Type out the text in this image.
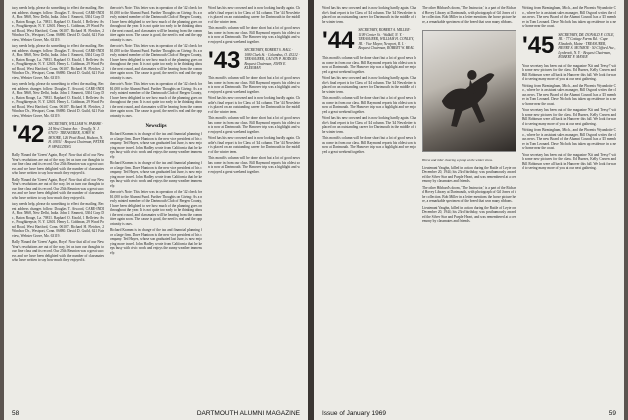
tacy needs help, please do something to effect the mailing. Recent address changes follow: Douglas T. Atwood, CARE-INDIA, Box 5868, New Delhi, India. John J. Emmett, 3304 Corp Dr., Baton Rouge, La. 70811. Raphael O. Eisold, 1 Bellview Ave., Poughkeepsie, N. Y. 12601. Henry L. Goldman, 29 Wood Pond Road, West Hartford, Conn. 06107. Richard H. Fletcher, 2 Windsor Dr., Westport, Conn. 06880. David D. Guild, 621 Fairview, Webster Grove, Mo. 63119.

tacy needs help, please do something to effect the mailing. Recent address changes follow: Douglas T. Atwood, CARE-INDIA, Box 5868, New Delhi, India. John J. Emmett, 3304 Corp Dr., Baton Rouge, La. 70811. Raphael O. Eisold, 1 Bellview Ave., Poughkeepsie, N. Y. 12601. Henry L. Goldman, 29 Wood Pond Road, West Hartford, Conn. 06107. Richard H. Fletcher, 2 Windsor Dr., Westport, Conn. 06880. David D. Guild, 621 Fairview, Webster Grove, Mo. 63119.

tacy needs help, please do something to effect the mailing. Recent address changes follow: Douglas T. Atwood, CARE-INDIA, Box 5868, New Delhi, India. John J. Emmett, 3304 Corp Dr., Baton Rouge, La. 70811. Raphael O. Eisold, 1 Bellview Ave., Poughkeepsie, N. Y. 12601. Henry L. Goldman, 29 Wood Pond Road, West Hartford, Conn. 06107. Richard H. Fletcher, 2 Windsor Dr., Westport, Conn. 06880. David D. Guild, 621 Fairview, Webster Grove, Mo. 63119.

'42	SECRETARY, WILLIAM W. PARSHE · 24 West Clinton Ave. · Tenafly, N. J. 07670 · TREASURER, JOHN W. MOORE, 126 Pratt Road, Hudson, N. H. 03051 · Bequest Chairman, PETER P. SPAULDING

Rally 'Round the 'Green' Again, Boys! Now that all of our New Year's resolutions are out of the way, let us turn our thoughts to our fine class and its record. Our 25th Reunion was a great success and we have been delighted with the number of classmates who have written to say how much they enjoyed it.

Rally 'Round the 'Green' Again, Boys! Now that all of our New Year's resolutions are out of the way, let us turn our thoughts to our fine class and its record. Our 25th Reunion was a great success and we have been delighted with the number of classmates who have written to say how much they enjoyed it.

tacy needs help, please do something to effect the mailing. Recent address changes follow: Douglas T. Atwood, CARE-INDIA, Box 5868, New Delhi, India. John J. Emmett, 3304 Corp Dr., Baton Rouge, La. 70811. Raphael O. Eisold, 1 Bellview Ave., Poughkeepsie, N. Y. 12601. Henry L. Goldman, 29 Wood Pond Road, West Hartford, Conn. 06107. Richard H. Fletcher, 2 Windsor Dr., Westport, Conn. 06880. David D. Guild, 621 Fairview, Webster Grove, Mo. 63119.

Rally 'Round the 'Green' Again, Boys! Now that all of our New Year's resolutions are out of the way, let us turn our thoughts to our fine class and its record. Our 25th Reunion was a great success and we have been delighted with the number of classmates who have written to say how much they enjoyed it.

thercote's Note: This letter was in operation of the '42 check for $1,000 to the Alumni Fund. Further Thoughts on Giving: As a newly minted member of the Dartmouth Club of Bergen County, I have been delighted to see how much of the planning goes on throughout the year. It is not quite too early to be thinking about the next round, and classmates will be hearing from the committee again soon. The cause is good, the need is real and the opportunity is ours.

thercote's Note: This letter was in operation of the '42 check for $1,000 to the Alumni Fund. Further Thoughts on Giving: As a newly minted member of the Dartmouth Club of Bergen County, I have been delighted to see how much of the planning goes on throughout the year. It is not quite too early to be thinking about the next round, and classmates will be hearing from the committee again soon. The cause is good, the need is real and the opportunity is ours.

thercote's Note: This letter was in operation of the '42 check for $1,000 to the Alumni Fund. Further Thoughts on Giving: As a newly minted member of the Dartmouth Club of Bergen County, I have been delighted to see how much of the planning goes on throughout the year. It is not quite too early to be thinking about the next round, and classmates will be hearing from the committee again soon. The cause is good, the need is real and the opportunity is ours.

Newsclips

Richard Kramm is in charge of the tax and financial planning for a large firm. Dave Huntoon is the new vice president of his company. Ted Hayes, whose son graduated last June, is now enjoying more travel. John Hadley wrote from California that he keeps busy with civic work and enjoys the sunny weather immensely.

Richard Kramm is in charge of the tax and financial planning for a large firm. Dave Huntoon is the new vice president of his company. Ted Hayes, whose son graduated last June, is now enjoying more travel. John Hadley wrote from California that he keeps busy with civic work and enjoys the sunny weather immensely.

thercote's Note: This letter was in operation of the '42 check for $1,000 to the Alumni Fund. Further Thoughts on Giving: As a newly minted member of the Dartmouth Club of Bergen County, I have been delighted to see how much of the planning goes on throughout the year. It is not quite too early to be thinking about the next round, and classmates will be hearing from the committee again soon. The cause is good, the need is real and the opportunity is ours.

Richard Kramm is in charge of the tax and financial planning for a large firm. Dave Huntoon is the new vice president of his company. Ted Hayes, whose son graduated last June, is now enjoying more travel. John Hadley wrote from California that he keeps busy with civic work and enjoys the sunny weather immensely.

Word has his new crowned and is now looking hardly again. Charlie's final report is for Class of '44 column. The '44 Newsletter is placed on an outstanding career for Dartmouth in the middle of the winter term.

This month's column will be done short but a lot of good news has come in from our class. Bill Raymond reports his oldest son is now at Dartmouth. The Hanover trip was a highlight and we enjoyed a great weekend together.

'43	SECRETARY, ROBERT S. HALL · 1080 Clark St. · Columbus, O. 43212 · TREASURER, CALVIN P. HODGES · Bequest Chairman, JOHN E. KLEEMAN

This month's column will be done short but a lot of good news has come in from our class. Bill Raymond reports his oldest son is now at Dartmouth. The Hanover trip was a highlight and we enjoyed a great weekend together.

Word has his new crowned and is now looking hardly again. Charlie's final report is for Class of '44 column. The '44 Newsletter is placed on an outstanding career for Dartmouth in the middle of the winter term.

This month's column will be done short but a lot of good news has come in from our class. Bill Raymond reports his oldest son is now at Dartmouth. The Hanover trip was a highlight and we enjoyed a great weekend together.

Word has his new crowned and is now looking hardly again. Charlie's final report is for Class of '44 column. The '44 Newsletter is placed on an outstanding career for Dartmouth in the middle of the winter term.

This month's column will be done short but a lot of good news has come in from our class. Bill Raymond reports his oldest son is now at Dartmouth. The Hanover trip was a highlight and we enjoyed a great weekend together.

58	DARTMOUTH ALUMNI MAGAZINE

Word has his new crowned and is now looking hardly again. Charlie's final report is for Class of '44 column. The '44 Newsletter is placed on an outstanding career for Dartmouth in the middle of the winter term.

'44	SECRETARY, ROBERT A. MILLER · 1109 Center St. · Walkill, N. Y. · TREASURER, WILLIAM H. CONLEY, JR. · Vice Mayor, Newport, R. I. · Bequest Chairman, ROBERT W. BEAL

This month's column will be done short but a lot of good news has come in from our class. Bill Raymond reports his oldest son is now at Dartmouth. The Hanover trip was a highlight and we enjoyed a great weekend together.

Word has his new crowned and is now looking hardly again. Charlie's final report is for Class of '44 column. The '44 Newsletter is placed on an outstanding career for Dartmouth in the middle of the winter term.

This month's column will be done short but a lot of good news has come in from our class. Bill Raymond reports his oldest son is now at Dartmouth. The Hanover trip was a highlight and we enjoyed a great weekend together.

Word has his new crowned and is now looking hardly again. Charlie's final report is for Class of '44 column. The '44 Newsletter is placed on an outstanding career for Dartmouth in the middle of the winter term.

This month's column will be done short but a lot of good news has come in from our class. Bill Raymond reports his oldest son is now at Dartmouth. The Hanover trip was a highlight and we enjoyed a great weekend together.

The other Hibbard's doom, 'The Instructor,' is a part of the Richard Hovey Library at Dartmouth, with photograph of Gil Jones of the collection. Bob Miller in a letter mentions the horse picture here, a remarkable specimen of the breed that won many ribbons.

Horse and rider clearing a jump at the winter show.

Lieutenant Vaughn, killed in action during the Battle of Leyte on December 20, 1944; his 23rd birthday, was posthumously awarded the Silver Star and Purple Heart, and was remembered at a ceremony by classmates and friends.

The other Hibbard's doom, 'The Instructor,' is a part of the Richard Hovey Library at Dartmouth, with photograph of Gil Jones of the collection. Bob Miller in a letter mentions the horse picture here, a remarkable specimen of the breed that won many ribbons.

Lieutenant Vaughn, killed in action during the Battle of Leyte on December 20, 1944; his 23rd birthday, was posthumously awarded the Silver Star and Purple Heart, and was remembered at a ceremony by classmates and friends.

Writing from Birmingham, Mich., and the Phoenix Wyandotte Co., where he is assistant sales manager, Bill Osgood writes the class news. The new Board of the Alumni Council has a '45 member in Tom Leonard. Dave Nichols has taken up residence in a new home near the coast.

'45	SECRETARY, DR. DONALD F. COLE, JR. · 77 Cottage Farms Rd. · Cape Elizabeth, Maine · TREASURER, HENRY S. MUNROE · 50 Clifford Ave., Lynbrook, N. Y. · Bequest Chairman, ROBERT F. MAYER

Your secretary has been out of the magazine 'Kit and Teesy!' with some new pictures for the class. Ed Burnes, Kelly Craven and Bill Robinson were all back in Hanover this fall. We look forward to seeing many more of you at our next gathering.

Writing from Birmingham, Mich., and the Phoenix Wyandotte Co., where he is assistant sales manager, Bill Osgood writes the class news. The new Board of the Alumni Council has a '45 member in Tom Leonard. Dave Nichols has taken up residence in a new home near the coast.

Your secretary has been out of the magazine 'Kit and Teesy!' with some new pictures for the class. Ed Burnes, Kelly Craven and Bill Robinson were all back in Hanover this fall. We look forward to seeing many more of you at our next gathering.

Writing from Birmingham, Mich., and the Phoenix Wyandotte Co., where he is assistant sales manager, Bill Osgood writes the class news. The new Board of the Alumni Council has a '45 member in Tom Leonard. Dave Nichols has taken up residence in a new home near the coast.

Your secretary has been out of the magazine 'Kit and Teesy!' with some new pictures for the class. Ed Burnes, Kelly Craven and Bill Robinson were all back in Hanover this fall. We look forward to seeing many more of you at our next gathering.

Issue of January 1969	59
